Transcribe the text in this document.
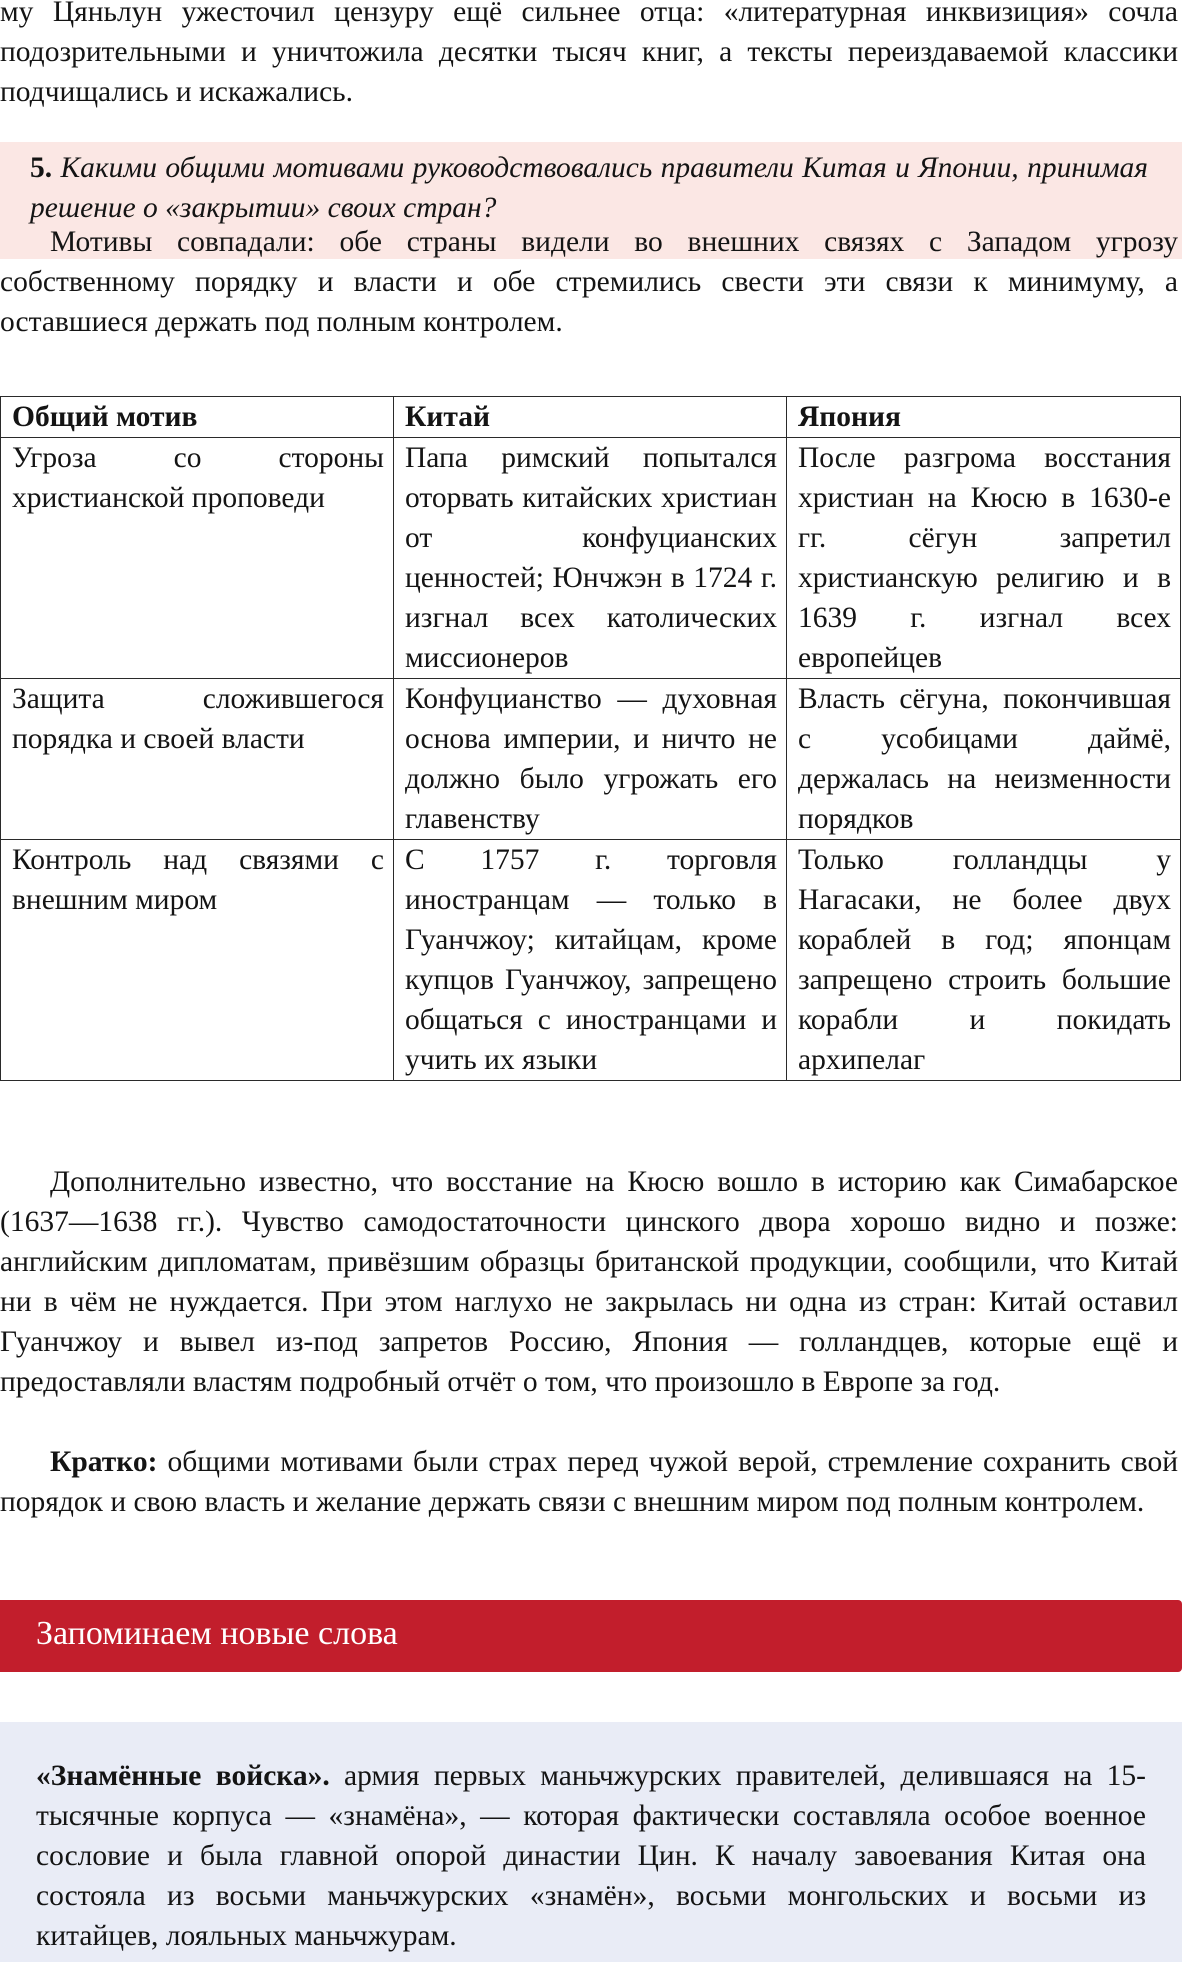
му Цяньлун ужесточил цензуру ещё сильнее отца: «литературная инквизиция» сочла подозрительными и уничтожила десятки тысяч книг, а тексты переиздаваемой классики подчищались и искажались.

5. Какими общими мотивами руководствовались правители Китая и Японии, принимая решение о «закрытии» своих стран?

Мотивы совпадали: обе страны видели во внешних связях с Западом угрозу собственному порядку и власти и обе стремились свести эти связи к минимуму, а оставшиеся держать под полным контролем.

Общий мотив	Китай	Япония
Угроза со стороны христианской проповеди	Папа римский попытался оторвать китайских христиан от конфуцианских ценностей; Юнчжэн в 1724 г. изгнал всех католических миссионеров	После разгрома восстания христиан на Кюсю в 1630-е гг. сёгун запретил христианскую религию и в 1639 г. изгнал всех европейцев
Защита сложившегося порядка и своей власти	Конфуцианство — духовная основа империи, и ничто не должно было угрожать его главенству	Власть сёгуна, покончившая с усобицами даймё, держалась на неизменности порядков
Контроль над связями с внешним миром	С 1757 г. торговля иностранцам — только в Гуанчжоу; китайцам, кроме купцов Гуанчжоу, запрещено общаться с иностранцами и учить их языки	Только голландцы у Нагасаки, не более двух кораблей в год; японцам запрещено строить большие корабли и покидать архипелаг

Дополнительно известно, что восстание на Кюсю вошло в историю как Симабарское (1637—1638 гг.). Чувство самодостаточности цинского двора хорошо видно и позже: английским дипломатам, привёзшим образцы британской продукции, сообщили, что Китай ни в чём не нуждается. При этом наглухо не закрылась ни одна из стран: Китай оставил Гуанчжоу и вывел из-под запретов Россию, Япония — голландцев, которые ещё и предоставляли властям подробный отчёт о том, что произошло в Европе за год.

Кратко: общими мотивами были страх перед чужой верой, стремление сохранить свой порядок и свою власть и желание держать связи с внешним миром под полным контролем.

Запоминаем новые слова

«Знамённые войска». армия первых маньчжурских правителей, делившаяся на 15-тысячные корпуса — «знамёна», — которая фактически составляла особое военное сословие и была главной опорой династии Цин. К началу завоевания Китая она состояла из восьми маньчжурских «знамён», восьми монгольских и восьми из китайцев, лояльных маньчжурам.
